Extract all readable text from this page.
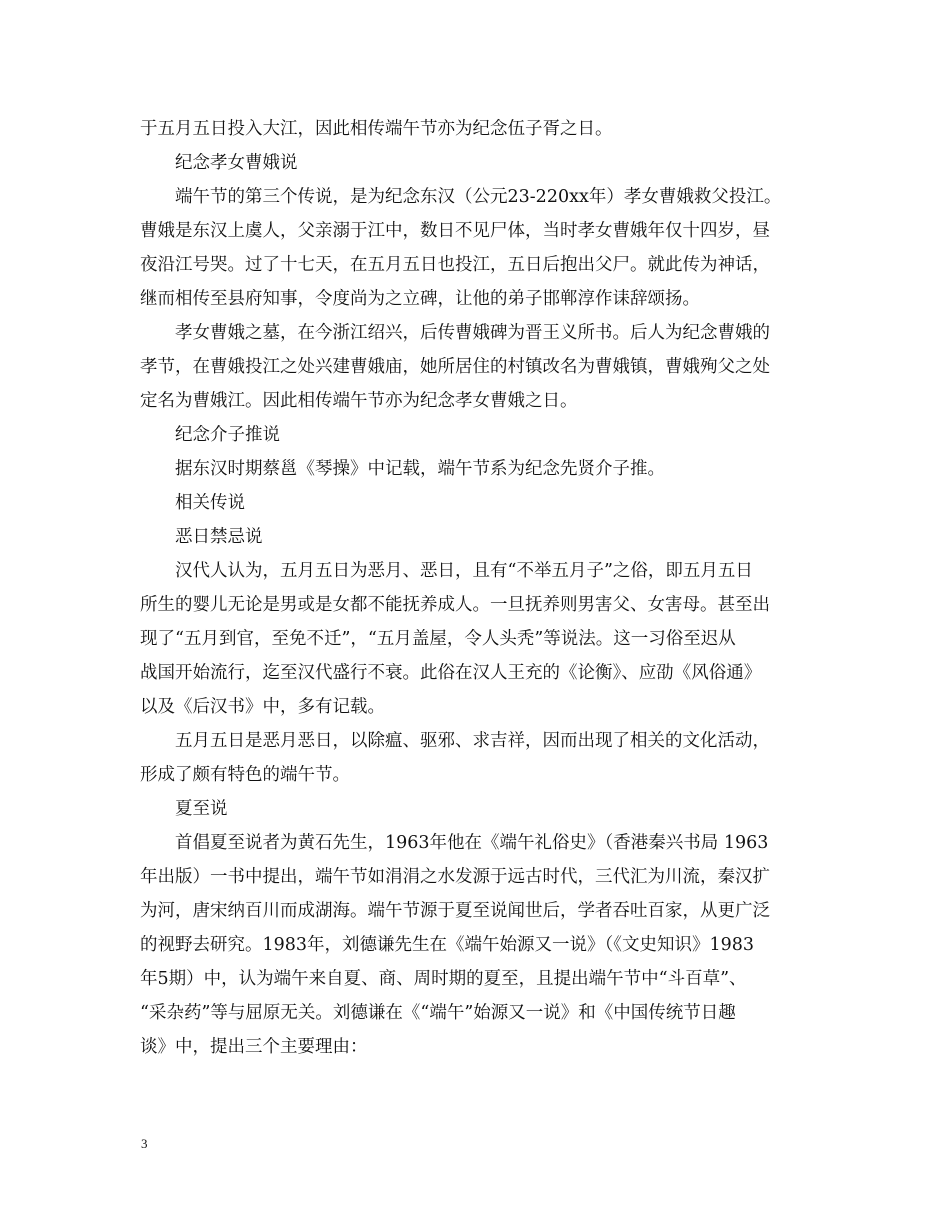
于五月五日投入大江，因此相传端午节亦为纪念伍子胥之日。
纪念孝女曹娥说
端午节的第三个传说，是为纪念东汉（公元23-220xx年）孝女曹娥救父投江。
曹娥是东汉上虞人，父亲溺于江中，数日不见尸体，当时孝女曹娥年仅十四岁，昼
夜沿江号哭。过了十七天，在五月五日也投江，五日后抱出父尸。就此传为神话，
继而相传至县府知事，令度尚为之立碑，让他的弟子邯郸淳作诔辞颂扬。
孝女曹娥之墓，在今浙江绍兴，后传曹娥碑为晋王义所书。后人为纪念曹娥的
孝节，在曹娥投江之处兴建曹娥庙，她所居住的村镇改名为曹娥镇，曹娥殉父之处
定名为曹娥江。因此相传端午节亦为纪念孝女曹娥之日。
纪念介子推说
据东汉时期蔡邕《琴操》中记载，端午节系为纪念先贤介子推。
相关传说
恶日禁忌说
汉代人认为，五月五日为恶月、恶日，且有“不举五月子”之俗，即五月五日
所生的婴儿无论是男或是女都不能抚养成人。一旦抚养则男害父、女害母。甚至出
现了“五月到官，至免不迁”，“五月盖屋，令人头秃”等说法。这一习俗至迟从
战国开始流行，迄至汉代盛行不衰。此俗在汉人王充的《论衡》、应劭《风俗通》
以及《后汉书》中，多有记载。
五月五日是恶月恶日，以除瘟、驱邪、求吉祥，因而出现了相关的文化活动，
形成了颇有特色的端午节。
夏至说
首倡夏至说者为黄石先生，1963年他在《端午礼俗史》（香港秦兴书局 1963
年出版）一书中提出，端午节如涓涓之水发源于远古时代，三代汇为川流，秦汉扩
为河，唐宋纳百川而成湖海。端午节源于夏至说闻世后，学者吞吐百家，从更广泛
的视野去研究。1983年，刘德谦先生在《端午始源又一说》（《文史知识》1983
年5期）中，认为端午来自夏、商、周时期的夏至，且提出端午节中“斗百草”、
“采杂药”等与屈原无关。刘德谦在《“端午”始源又一说》和《中国传统节日趣
谈》中，提出三个主要理由：
3
